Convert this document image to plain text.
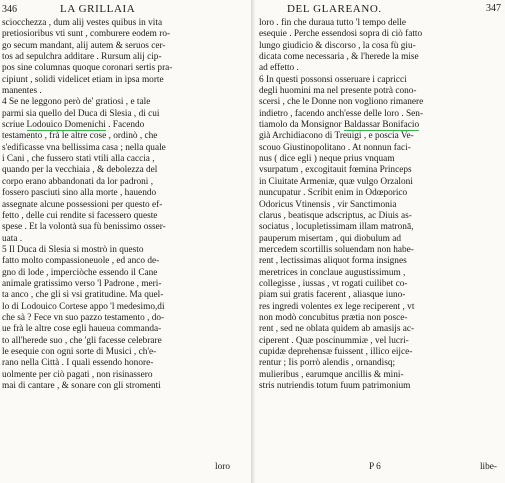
346	LA GRILLAIA
sciocchezza , dum alij vestes quibus in vita
pretiosioribus vti sunt , comburere eodem ro-
go secum mandant, alij autem & seruos cer-
tos ad sepulchra additare . Rursum alij cip-
pos sine columnas quoque coronari sertis pra-
cipiunt , solidi videlicet etiam in ipsa morte
manentes .
4 Se ne leggono però de' gratiosi , e tale
parmi sia quello del Duca di Slesia , di cui
scriue Lodouico Domenichi . Facendo
testamento , frà le altre cose , ordinò , che
s'edificasse vna bellissima casa ; nella quale
i Cani , che fussero stati vtili alla caccia ,
quando per la vecchiaia , & debolezza del
corpo erano abbandonati da lor padroni ,
fossero pasciuti sino alla morte , hauendo
assegnate alcune possessioni per questo ef-
fetto , delle cui rendite si facessero queste
spese . Et la volontà sua fù benissimo osser-
uata .
5 Il Duca di Slesia si mostrò in questo
fatto molto compassioneuole , ed anco de-
gno di lode , imperciòche essendo il Cane
animale gratissimo verso 'l Padrone , meri-
ta anco , che gli sì vsi gratitudine. Ma quel-
lo di Lodouico Cortese appo 'l medesimo,di
che sà ? Fece vn suo pazzo testamento , do-
ue frà le altre cose egli haueua commanda-
to all'herede suo , che 'gli facesse celebrare
le esequie con ogni sorte di Musici , ch'e-
rano nella Città . I quali essendo honore-
uolmente per ciò pagati , non risinassero
mai di cantare , & sonare con gli stromenti
loro
DEL GLAREANO.	347
loro . fin che duraua tutto 'l tempo delle
esequie . Perche essendosi sopra di ciò fatto
lungo giudicio & discorso , la cosa fù giu-
dicata come necessaria , & l'herede la mise
ad effetto .
6 In questi possonsi osseruare i capricci
degli huomini ma nel presente potrà cono-
scersi , che le Donne non vogliono rimanere
indietro , facendo anch'esse delle loro . Sen-
tiamolo da Monsignor Baldassar Bonifacio
già Archidiacono di Treuigi , e poscia Ve-
scouo Giustinopolitano . At nonnun faci-
nus ( dice egli ) neque prius vnquam
vsurpatum , excogitauit fœmina Princeps
in Ciuitate Armeniæ, quæ vulgo Orzaloni
nuncupatur . Scribit enim in Odœporico
Odoricus Vtinensis , vir Sanctimonia
clarus , beatisque adscriptus, ac Diuis as-
sociatus , locupletissimam illam matronā,
pauperum misertam , qui diobulum ad
mercedem scortillis soluendam non habe-
rent , lectissimas aliquot forma insignes
meretrices in conclaue augustissimum ,
collegisse , iussas , vt rogati cuilibet co-
piam sui gratis facerent , aliasque iuno-
res ingredi volentes ex lege reciperent , vt
non modò concubitus prætia non posce-
rent , sed ne oblata quidem ab amasijs ac-
ciperent . Quæ poscinummiæ , vel lucri-
cupidæ deprehensæ fuissent , illico eijce-
rentur ; Iis porrò alendis , ornandisq;
mulieribus , earumque ancillis & mini-
stris nutriendis totum fuum patrimonium
P 6	libe-
